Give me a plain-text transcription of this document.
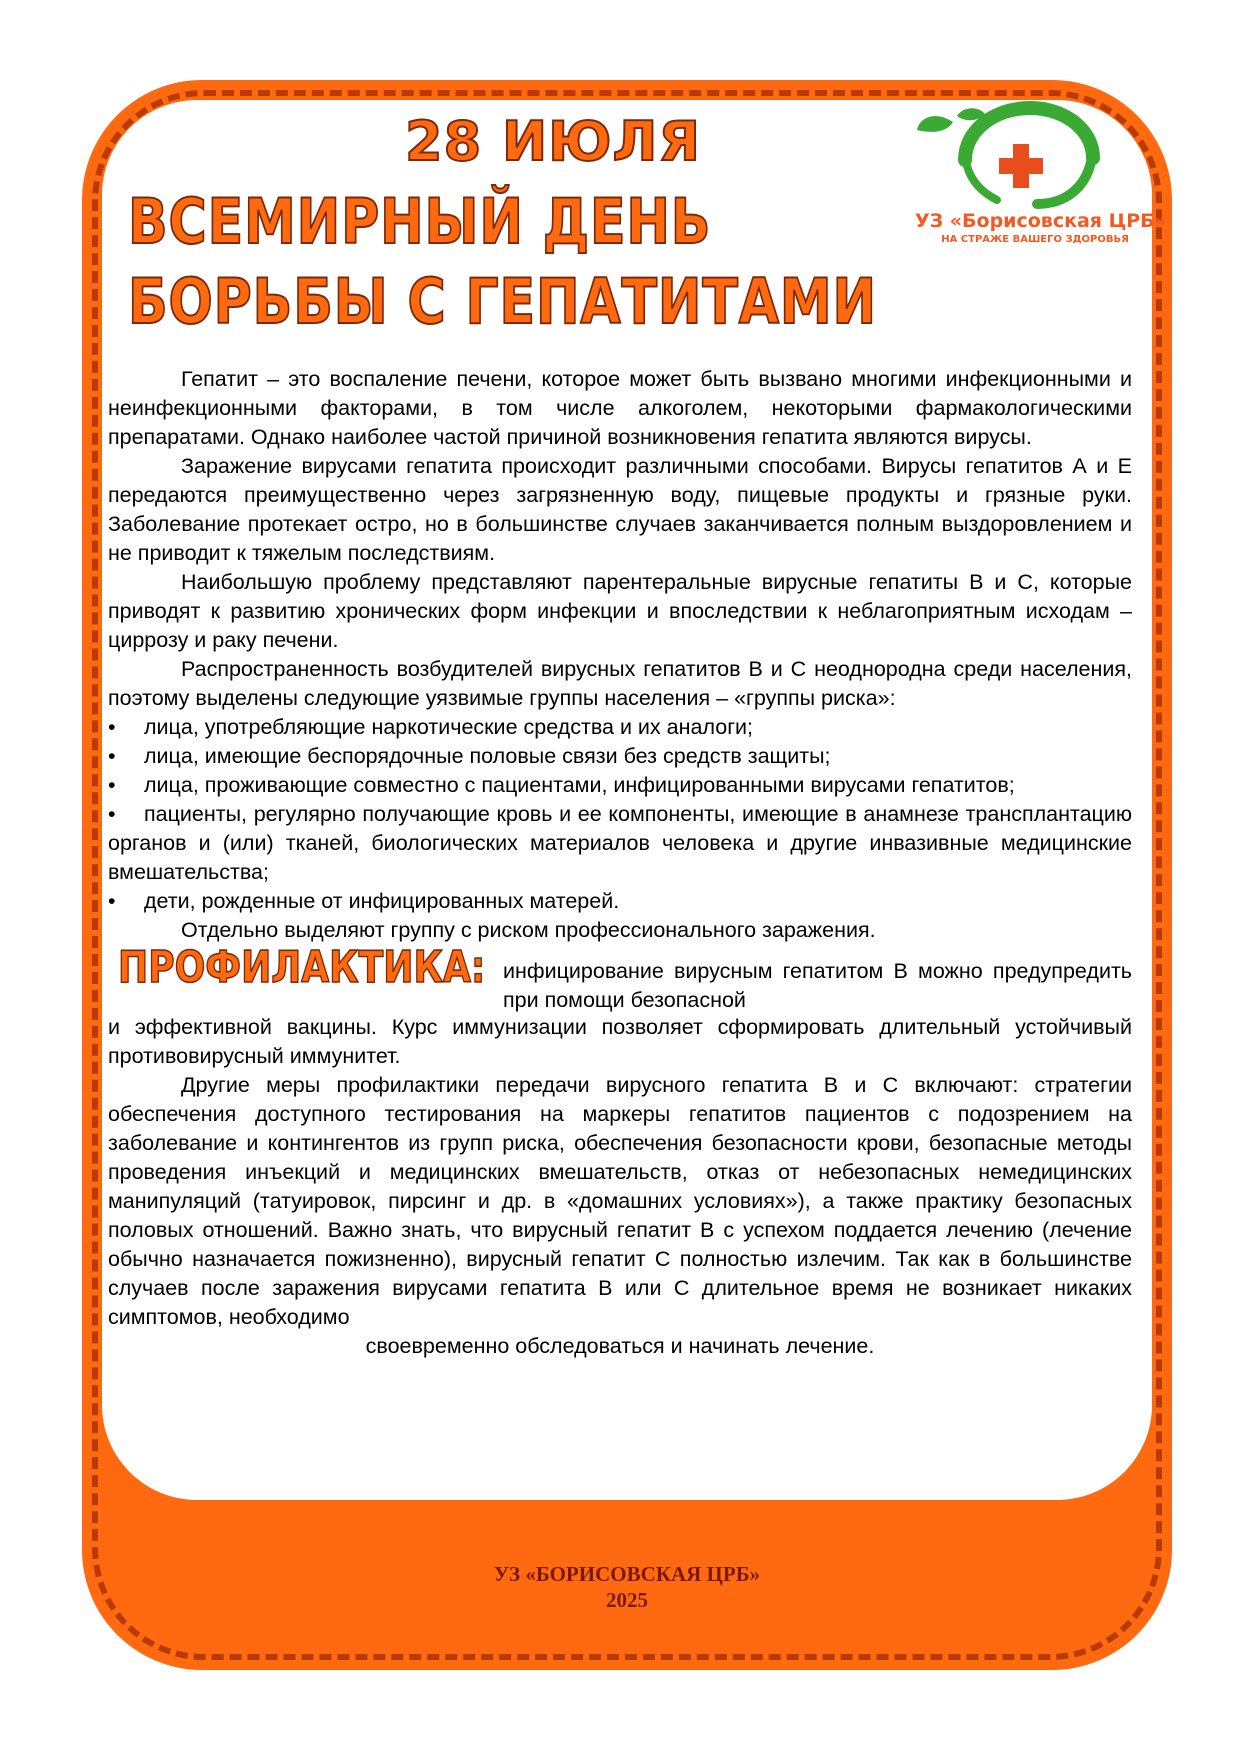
28 ИЮЛЯ
ВСЕМИРНЫЙ ДЕНЬ
БОРЬБЫ С ГЕПАТИТАМИ
УЗ «Борисовская ЦРБ»
НА СТРАЖЕ ВАШЕГО ЗДОРОВЬЯ

Гепатит – это воспаление печени, которое может быть вызвано многими инфекционными и неинфекционными факторами, в том числе алкоголем, некоторыми фармакологическими препаратами. Однако наиболее частой причиной возникновения гепатита являются вирусы.

Заражение вирусами гепатита происходит различными способами. Вирусы гепатитов А и Е передаются преимущественно через загрязненную воду, пищевые продукты и грязные руки. Заболевание протекает остро, но в большинстве случаев заканчивается полным выздоровлением и не приводит к тяжелым последствиям.

Наибольшую проблему представляют парентеральные вирусные гепатиты В и С, которые приводят к развитию хронических форм инфекции и впоследствии к неблагоприятным исходам – циррозу и раку печени.

Распространенность возбудителей вирусных гепатитов В и С неоднородна среди населения, поэтому выделены следующие уязвимые группы населения – «группы риска»:

• лица, употребляющие наркотические средства и их аналоги;
• лица, имеющие беспорядочные половые связи без средств защиты;
• лица, проживающие совместно с пациентами, инфицированными вирусами гепатитов;
• пациенты, регулярно получающие кровь и ее компоненты, имеющие в анамнезе трансплантацию органов и (или) тканей, биологических материалов человека и другие инвазивные медицинские вмешательства;
• дети, рожденные от инфицированных матерей.

Отдельно выделяют группу с риском профессионального заражения.

ПРОФИЛАКТИКА: инфицирование вирусным гепатитом В можно предупредить при помощи безопасной

и эффективной вакцины. Курс иммунизации позволяет сформировать длительный устойчивый противовирусный иммунитет.

Другие меры профилактики передачи вирусного гепатита В и С включают: стратегии обеспечения доступного тестирования на маркеры гепатитов пациентов с подозрением на заболевание и контингентов из групп риска, обеспечения безопасности крови, безопасные методы проведения инъекций и медицинских вмешательств, отказ от небезопасных немедицинских манипуляций (татуировок, пирсинг и др. в «домашних условиях»), а также практику безопасных половых отношений. Важно знать, что вирусный гепатит В с успехом поддается лечению (лечение обычно назначается пожизненно), вирусный гепатит С полностью излечим. Так как в большинстве случаев после заражения вирусами гепатита В или С длительное время не возникает никаких симптомов, необходимо

своевременно обследоваться и начинать лечение.

УЗ «БОРИСОВСКАЯ ЦРБ»
2025
